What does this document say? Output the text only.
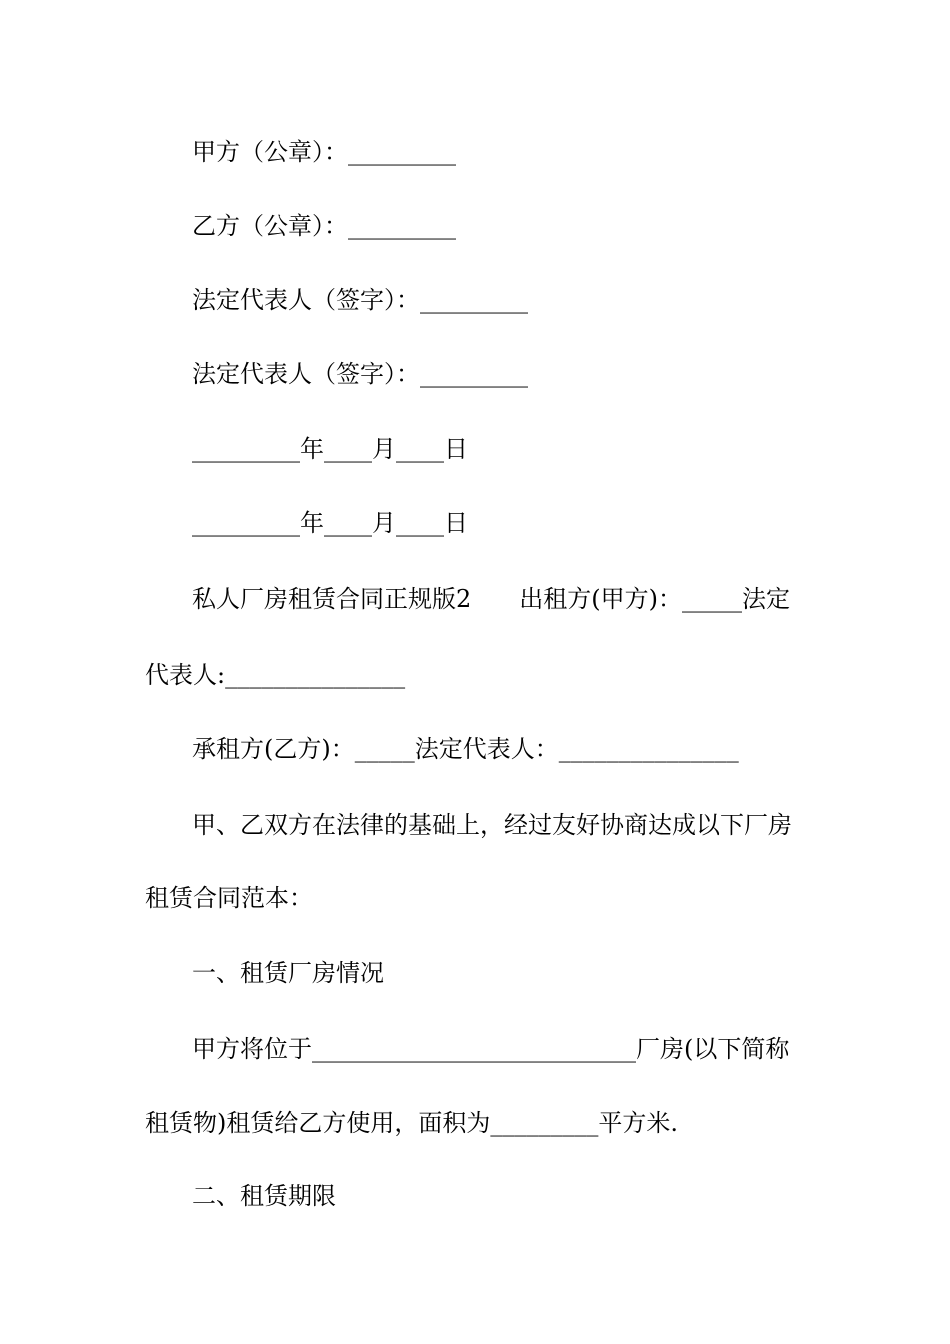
甲方（公章）：_________
乙方（公章）：_________
法定代表人（签字）：_________
法定代表人（签字）：_________
_________年____月____日
_________年____月____日
私人厂房租赁合同正规版2　　出租方(甲方)：_____法定
代表人:_______________
承租方(乙方)：_____法定代表人：_______________
甲、乙双方在法律的基础上，经过友好协商达成以下厂房
租赁合同范本：
一、租赁厂房情况
甲方将位于___________________________厂房(以下简称
租赁物)租赁给乙方使用，面积为_________平方米.
二、租赁期限
